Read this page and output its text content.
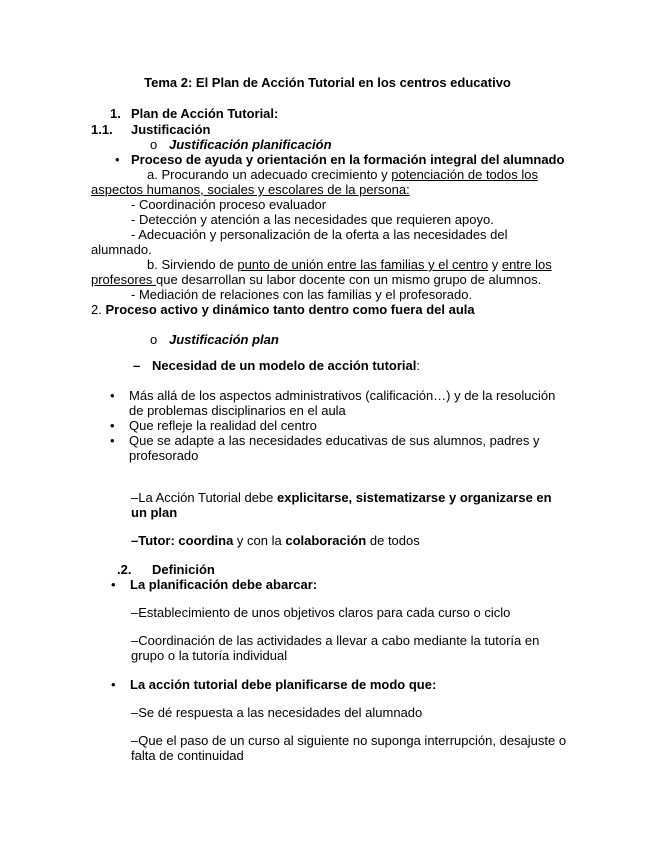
Tema 2: El Plan de Acción Tutorial en los centros educativo
1. Plan de Acción Tutorial:
1.1. Justificación
o Justificación planificación
• Proceso de ayuda y orientación en la formación integral del alumnado
a. Procurando un adecuado crecimiento y potenciación de todos los
aspectos humanos, sociales y escolares de la persona:
- Coordinación proceso evaluador
- Detección y atención a las necesidades que requieren apoyo.
- Adecuación y personalización de la oferta a las necesidades del
alumnado.
b. Sirviendo de punto de unión entre las familias y el centro y entre los
profesores que desarrollan su labor docente con un mismo grupo de alumnos.
- Mediación de relaciones con las familias y el profesorado.
2. Proceso activo y dinámico tanto dentro como fuera del aula
o Justificación plan
– Necesidad de un modelo de acción tutorial:
• Más allá de los aspectos administrativos (calificación…) y de la resolución
de problemas disciplinarios en el aula
• Que refleje la realidad del centro
• Que se adapte a las necesidades educativas de sus alumnos, padres y
profesorado
–La Acción Tutorial debe explicitarse, sistematizarse y organizarse en
un plan
–Tutor: coordina y con la colaboración de todos
.2. Definición
• La planificación debe abarcar:
–Establecimiento de unos objetivos claros para cada curso o ciclo
–Coordinación de las actividades a llevar a cabo mediante la tutoría en
grupo o la tutoría individual
• La acción tutorial debe planificarse de modo que:
–Se dé respuesta a las necesidades del alumnado
–Que el paso de un curso al siguiente no suponga interrupción, desajuste o
falta de continuidad
